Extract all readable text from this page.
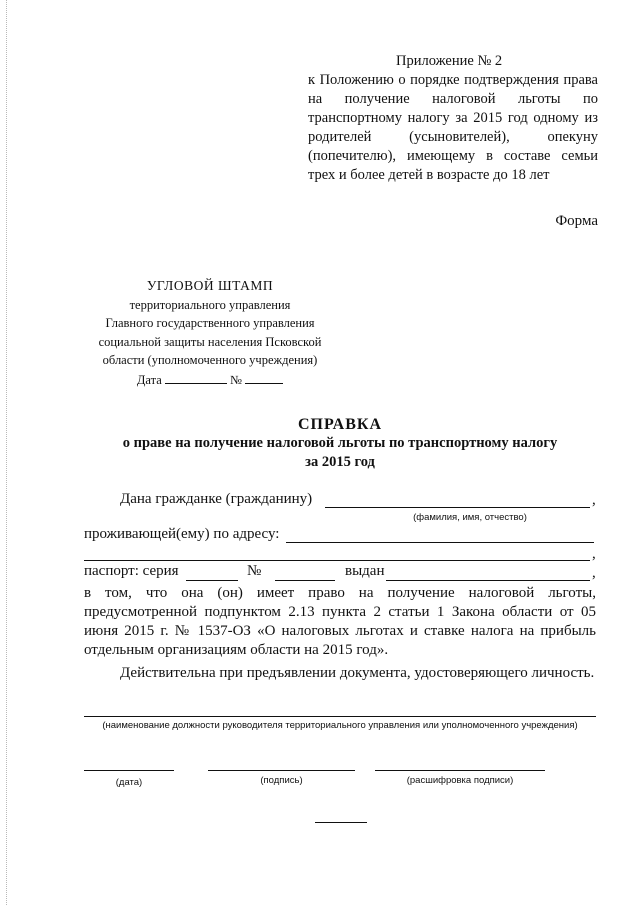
Приложение № 2
к Положению о порядке подтверждения права на получение налоговой льготы по транспортному налогу за 2015 год одному из родителей (усыновителей), опекуну (попечителю), имеющему в составе семьи трех и более детей в возрасте до 18 лет
Форма
УГЛОВОЙ ШТАМП
территориального управления
Главного государственного управления
социальной защиты населения Псковской
области (уполномоченного учреждения)
Дата	№
СПРАВКА
о праве на получение налоговой льготы по транспортному налогу
за 2015 год
Дана гражданке (гражданину)	,
(фамилия, имя, отчество)
проживающей(ему) по адресу:
,
паспорт: серия	№	выдан	,
в том, что она (он) имеет право на получение налоговой льготы, предусмотренной подпунктом 2.13 пункта 2 статьи 1 Закона области от 05 июня 2015 г. № 1537-ОЗ «О налоговых льготах и ставке налога на прибыль отдельным организациям области на 2015 год».
Действительна при предъявлении документа, удостоверяющего личность.
(наименование должности руководителя территориального управления или уполномоченного учреждения)
(дата)	(подпись)	(расшифровка подписи)
